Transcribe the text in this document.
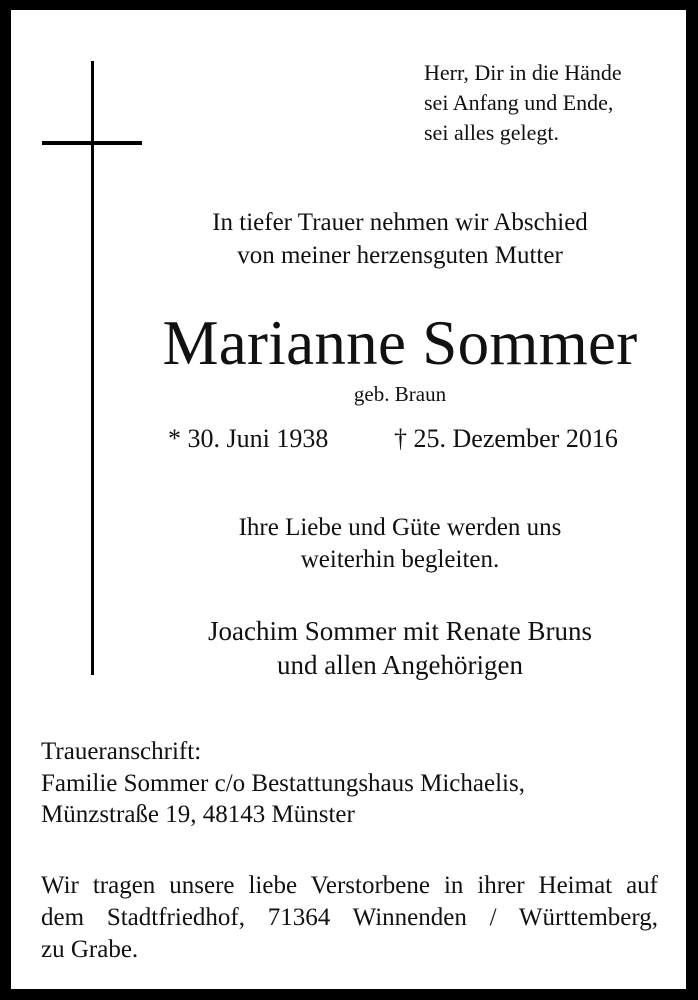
Herr, Dir in die Hände
sei Anfang und Ende,
sei alles gelegt.
In tiefer Trauer nehmen wir Abschied
von meiner herzensguten Mutter
Marianne Sommer
geb. Braun
* 30. Juni 1938	† 25. Dezember 2016
Ihre Liebe und Güte werden uns
weiterhin begleiten.
Joachim Sommer mit Renate Bruns
und allen Angehörigen
Traueranschrift:
Familie Sommer c/o Bestattungshaus Michaelis,
Münzstraße 19, 48143 Münster
Wir tragen unsere liebe Verstorbene in ihrer Heimat auf
dem Stadtfriedhof, 71364 Winnenden / Württemberg,
zu Grabe.
